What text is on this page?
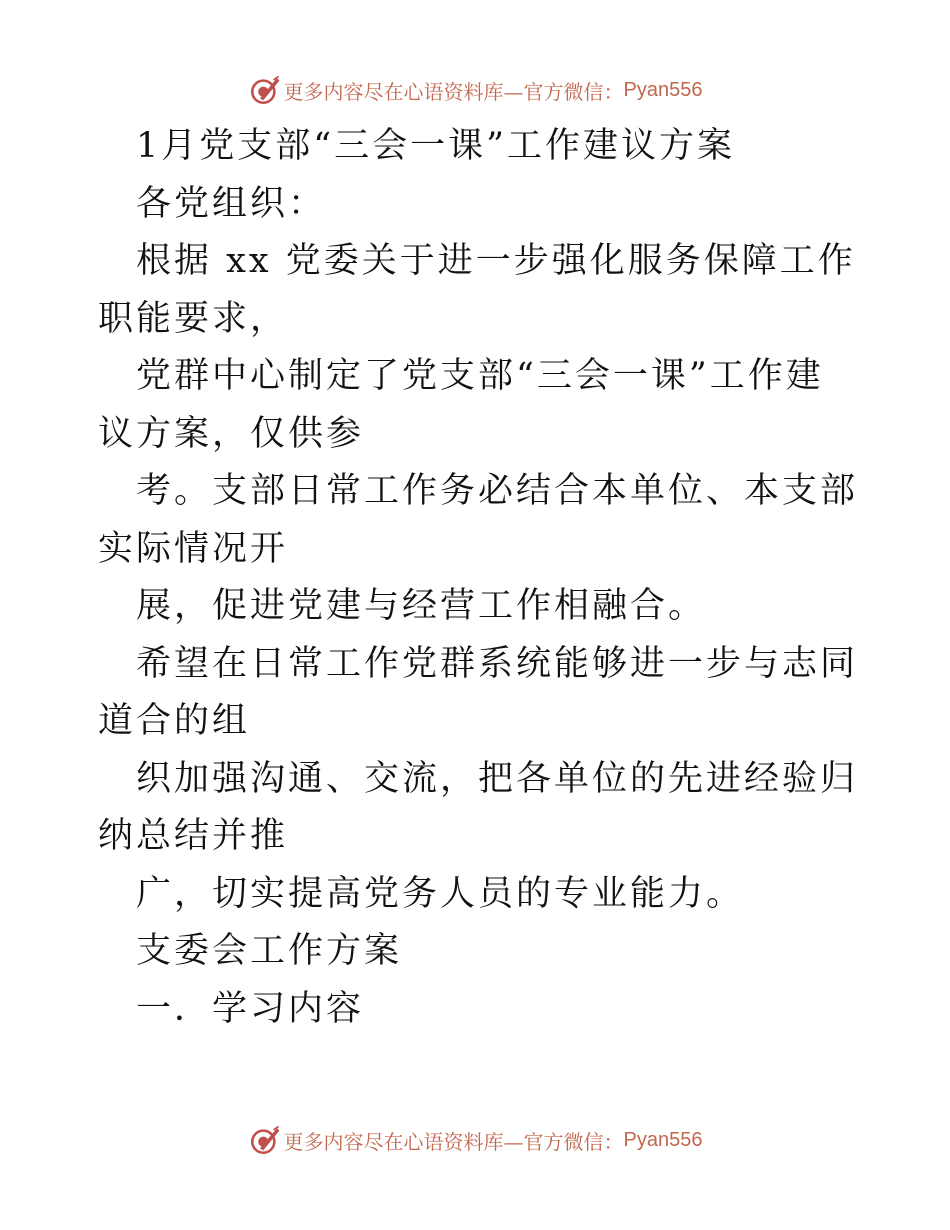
更多内容尽在心语资料库—官方微信： Pyan556

1月党支部“三会一课”工作建议方案

各党组织：

根据 xx 党委关于进一步强化服务保障工作职能要求，

党群中心制定了党支部“三会一课”工作建议方案，仅供参

考。支部日常工作务必结合本单位、本支部实际情况开

展，促进党建与经营工作相融合。

希望在日常工作党群系统能够进一步与志同道合的组

织加强沟通、交流，把各单位的先进经验归纳总结并推

广，切实提高党务人员的专业能力。

支委会工作方案

一．学习内容

更多内容尽在心语资料库—官方微信： Pyan556
